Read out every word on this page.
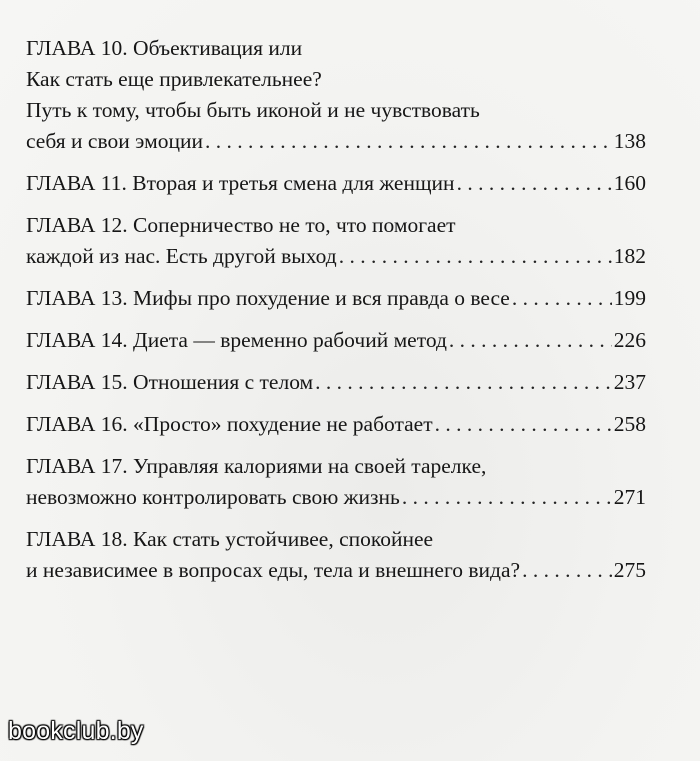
ГЛАВА 10. Объективация или
Как стать еще привлекательнее?
Путь к тому, чтобы быть иконой и не чувствовать
себя и свои эмоции . . .	138
ГЛАВА 11. Вторая и третья смена для женщин . . .	160
ГЛАВА 12. Соперничество не то, что помогает
каждой из нас. Есть другой выход . . .	182
ГЛАВА 13. Мифы про похудение и вся правда о весе . . .	199
ГЛАВА 14. Диета — временно рабочий метод . . .	226
ГЛАВА 15. Отношения с телом . . .	237
ГЛАВА 16. «Просто» похудение не работает . . .	258
ГЛАВА 17. Управляя калориями на своей тарелке,
невозможно контролировать свою жизнь . . .	271
ГЛАВА 18. Как стать устойчивее, спокойнее
и независимее в вопросах еды, тела и внешнего вида? . . .	275
bookclub.by
